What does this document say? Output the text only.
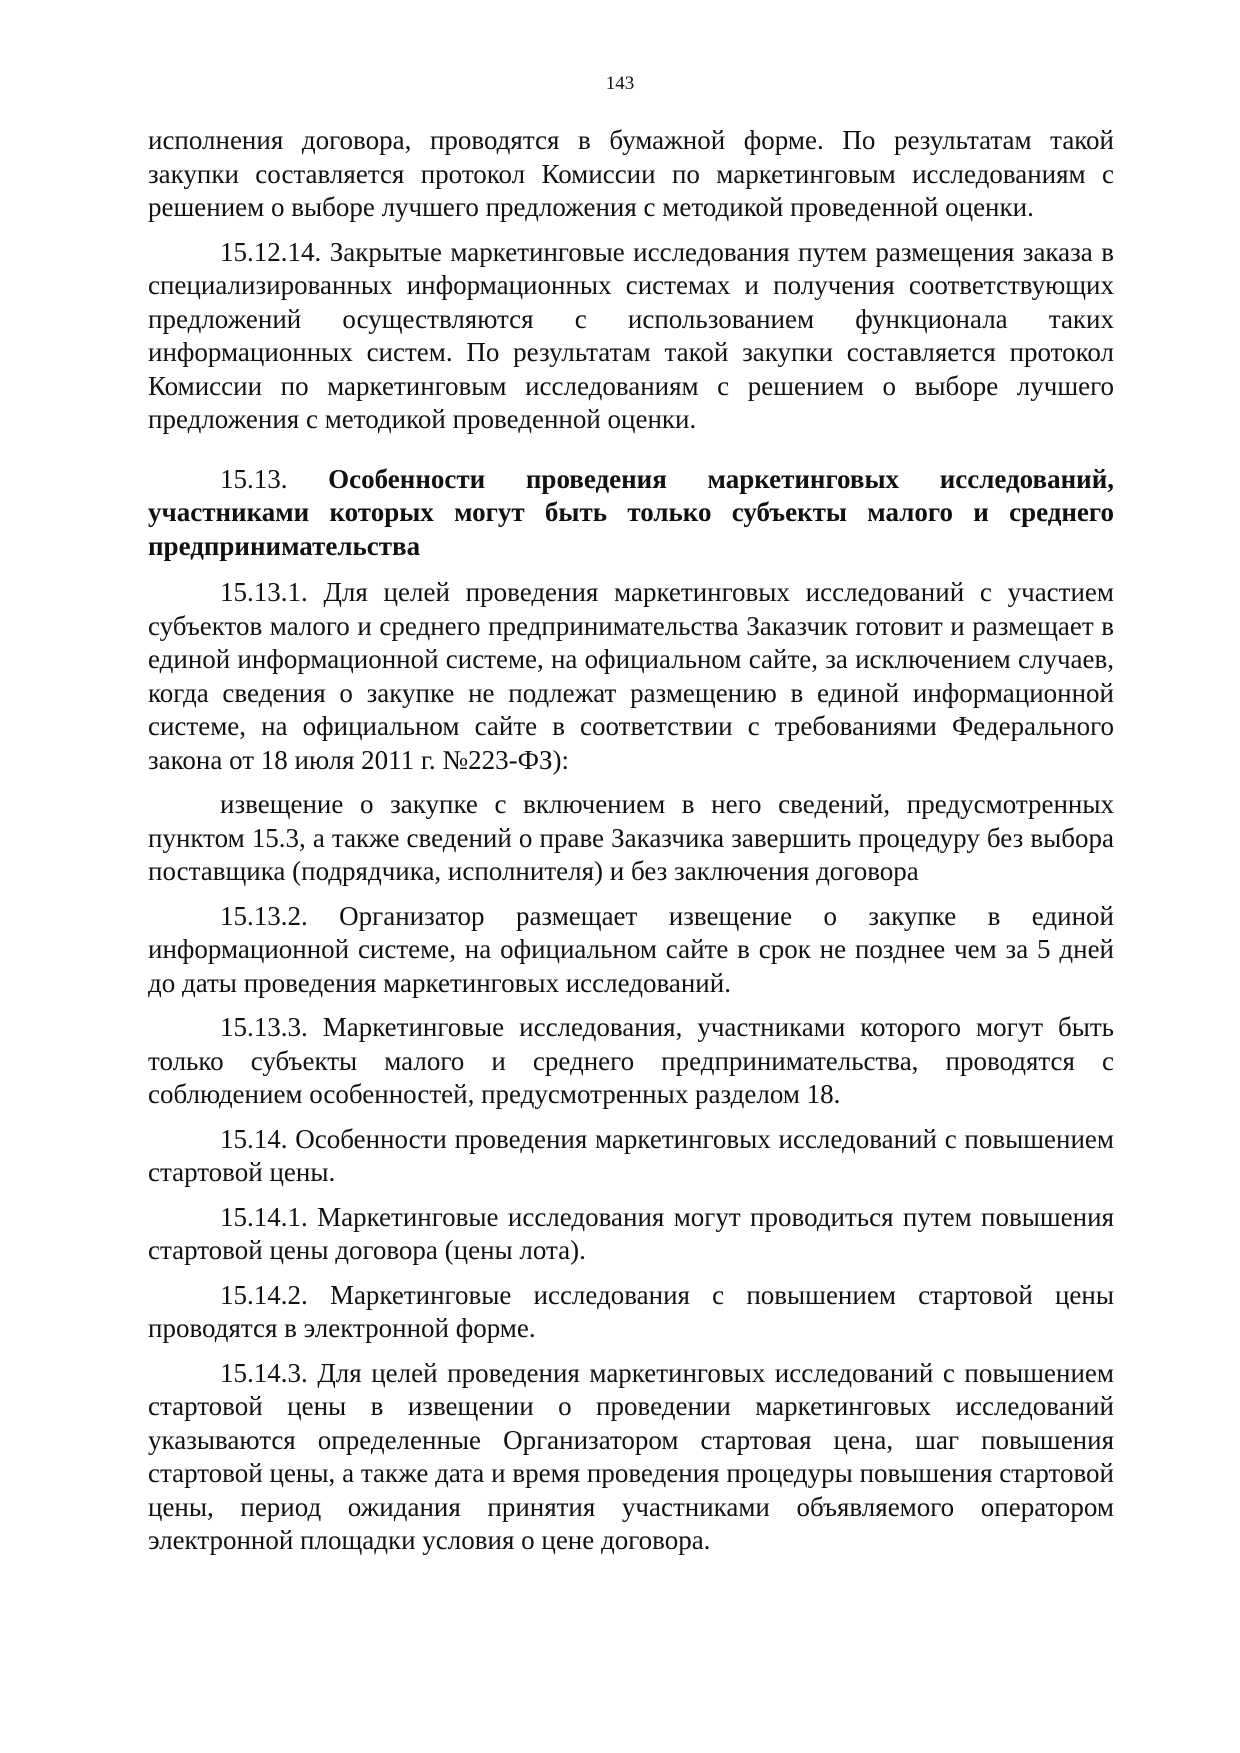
143

исполнения договора, проводятся в бумажной форме. По результатам такой закупки составляется протокол Комиссии по маркетинговым исследованиям с решением о выборе лучшего предложения с методикой проведенной оценки.

15.12.14. Закрытые маркетинговые исследования путем размещения заказа в специализированных информационных системах и получения соответствующих предложений осуществляются с использованием функционала таких информационных систем. По результатам такой закупки составляется протокол Комиссии по маркетинговым исследованиям с решением о выборе лучшего предложения с методикой проведенной оценки.

15.13. Особенности проведения маркетинговых исследований, участниками которых могут быть только субъекты малого и среднего предпринимательства

15.13.1. Для целей проведения маркетинговых исследований с участием субъектов малого и среднего предпринимательства Заказчик готовит и размещает в единой информационной системе, на официальном сайте, за исключением случаев, когда сведения о закупке не подлежат размещению в единой информационной системе, на официальном сайте в соответствии с требованиями Федерального закона от 18 июля 2011 г. №223-ФЗ):

извещение о закупке с включением в него сведений, предусмотренных пунктом 15.3, а также сведений о праве Заказчика завершить процедуру без выбора поставщика (подрядчика, исполнителя) и без заключения договора

15.13.2. Организатор размещает извещение о закупке в единой информационной системе, на официальном сайте в срок не позднее чем за 5 дней до даты проведения маркетинговых исследований.

15.13.3. Маркетинговые исследования, участниками которого могут быть только субъекты малого и среднего предпринимательства, проводятся с соблюдением особенностей, предусмотренных разделом 18.

15.14. Особенности проведения маркетинговых исследований с повышением стартовой цены.

15.14.1. Маркетинговые исследования могут проводиться путем повышения стартовой цены договора (цены лота).

15.14.2. Маркетинговые исследования с повышением стартовой цены проводятся в электронной форме.

15.14.3. Для целей проведения маркетинговых исследований с повышением стартовой цены в извещении о проведении маркетинговых исследований указываются определенные Организатором стартовая цена, шаг повышения стартовой цены, а также дата и время проведения процедуры повышения стартовой цены, период ожидания принятия участниками объявляемого оператором электронной площадки условия о цене договора.
